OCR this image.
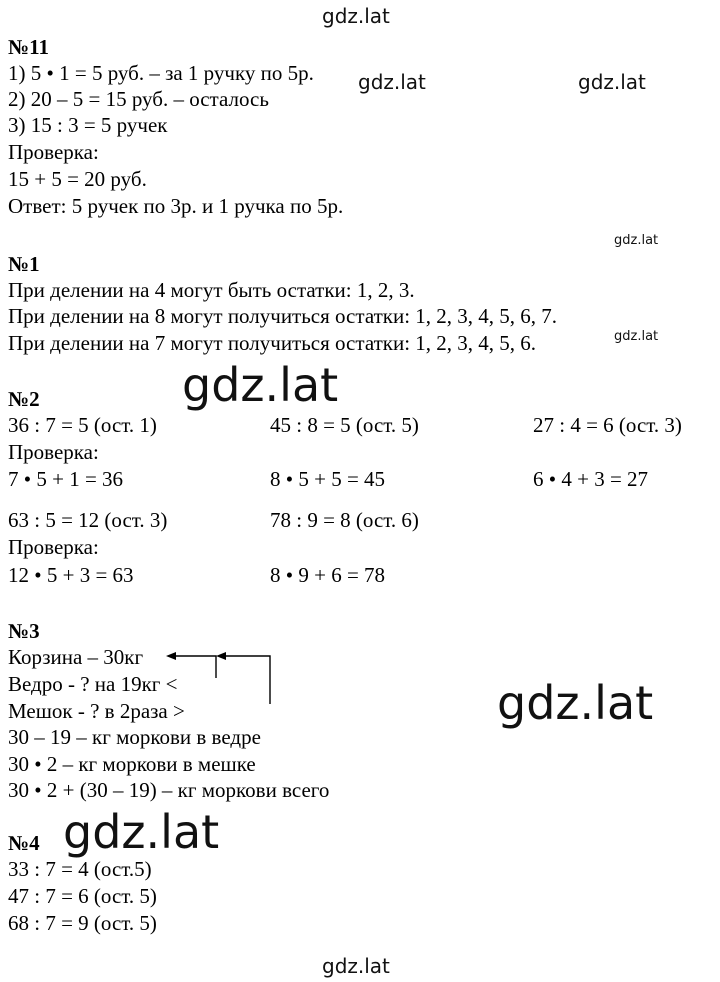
gdz.lat
gdz.lat	gdz.lat
gdz.lat
gdz.lat
gdz.lat
gdz.lat
gdz.lat
gdz.lat
№11
1) 5 • 1 = 5 руб. – за 1 ручку по 5р.
2) 20 – 5 = 15 руб. – осталось
3) 15 : 3 = 5 ручек
Проверка:
15 + 5 = 20 руб.
Ответ: 5 ручек по 3р. и 1 ручка по 5р.
№1
При делении на 4 могут быть остатки: 1, 2, 3.
При делении на 8 могут получиться остатки: 1, 2, 3, 4, 5, 6, 7.
При делении на 7 могут получиться остатки: 1, 2, 3, 4, 5, 6.
№2
36 : 7 = 5 (ост. 1)	45 : 8 = 5 (ост. 5)	27 : 4 = 6 (ост. 3)
Проверка:
7 • 5 + 1 = 36	8 • 5 + 5 = 45	6 • 4 + 3 = 27
63 : 5 = 12 (ост. 3)	78 : 9 = 8 (ост. 6)
Проверка:
12 • 5 + 3 = 63	8 • 9 + 6 = 78
№3
Корзина – 30кг
Ведро - ? на 19кг <
Мешок - ? в 2раза >
30 – 19 – кг моркови в ведре
30 • 2 – кг моркови в мешке
30 • 2 + (30 – 19) – кг моркови всего
№4
33 : 7 = 4 (ост.5)
47 : 7 = 6 (ост. 5)
68 : 7 = 9 (ост. 5)
